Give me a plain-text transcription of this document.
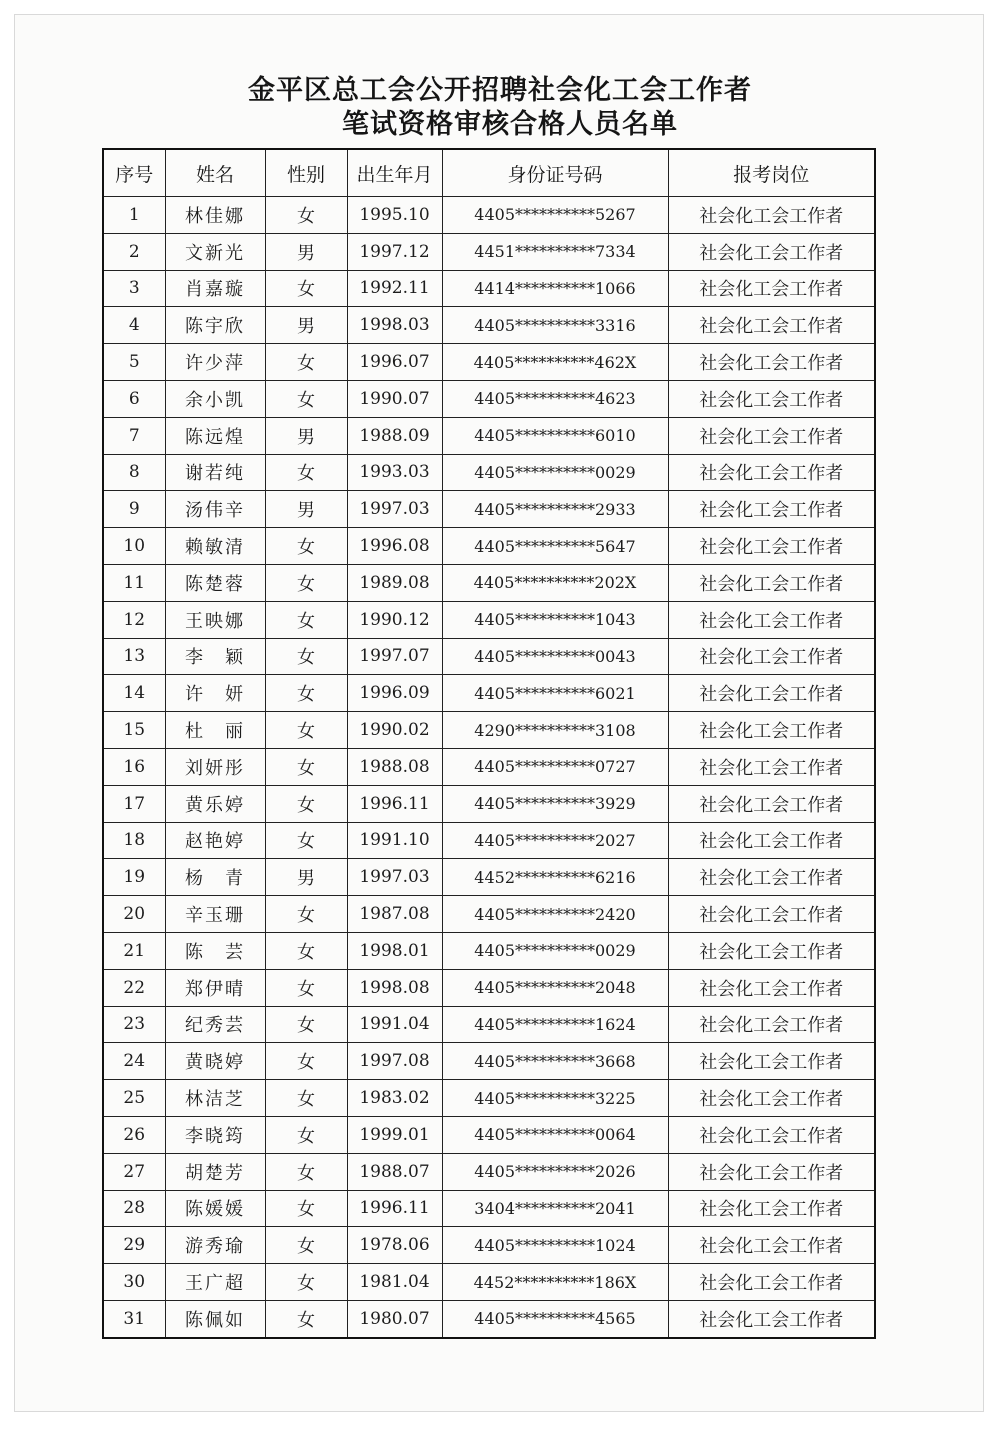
金平区总工会公开招聘社会化工会工作者
笔试资格审核合格人员名单
序号	姓名	性别	出生年月	身份证号码	报考岗位
1	林佳娜	女	1995.10	4405**********5267	社会化工会工作者
2	文新光	男	1997.12	4451**********7334	社会化工会工作者
3	肖嘉璇	女	1992.11	4414**********1066	社会化工会工作者
4	陈宇欣	男	1998.03	4405**********3316	社会化工会工作者
5	许少萍	女	1996.07	4405**********462X	社会化工会工作者
6	余小凯	女	1990.07	4405**********4623	社会化工会工作者
7	陈远煌	男	1988.09	4405**********6010	社会化工会工作者
8	谢若纯	女	1993.03	4405**********0029	社会化工会工作者
9	汤伟辛	男	1997.03	4405**********2933	社会化工会工作者
10	赖敏清	女	1996.08	4405**********5647	社会化工会工作者
11	陈楚蓉	女	1989.08	4405**********202X	社会化工会工作者
12	王映娜	女	1990.12	4405**********1043	社会化工会工作者
13	李　颖	女	1997.07	4405**********0043	社会化工会工作者
14	许　妍	女	1996.09	4405**********6021	社会化工会工作者
15	杜　丽	女	1990.02	4290**********3108	社会化工会工作者
16	刘妍彤	女	1988.08	4405**********0727	社会化工会工作者
17	黄乐婷	女	1996.11	4405**********3929	社会化工会工作者
18	赵艳婷	女	1991.10	4405**********2027	社会化工会工作者
19	杨　青	男	1997.03	4452**********6216	社会化工会工作者
20	辛玉珊	女	1987.08	4405**********2420	社会化工会工作者
21	陈　芸	女	1998.01	4405**********0029	社会化工会工作者
22	郑伊晴	女	1998.08	4405**********2048	社会化工会工作者
23	纪秀芸	女	1991.04	4405**********1624	社会化工会工作者
24	黄晓婷	女	1997.08	4405**********3668	社会化工会工作者
25	林洁芝	女	1983.02	4405**********3225	社会化工会工作者
26	李晓筠	女	1999.01	4405**********0064	社会化工会工作者
27	胡楚芳	女	1988.07	4405**********2026	社会化工会工作者
28	陈媛媛	女	1996.11	3404**********2041	社会化工会工作者
29	游秀瑜	女	1978.06	4405**********1024	社会化工会工作者
30	王广超	女	1981.04	4452**********186X	社会化工会工作者
31	陈佩如	女	1980.07	4405**********4565	社会化工会工作者
